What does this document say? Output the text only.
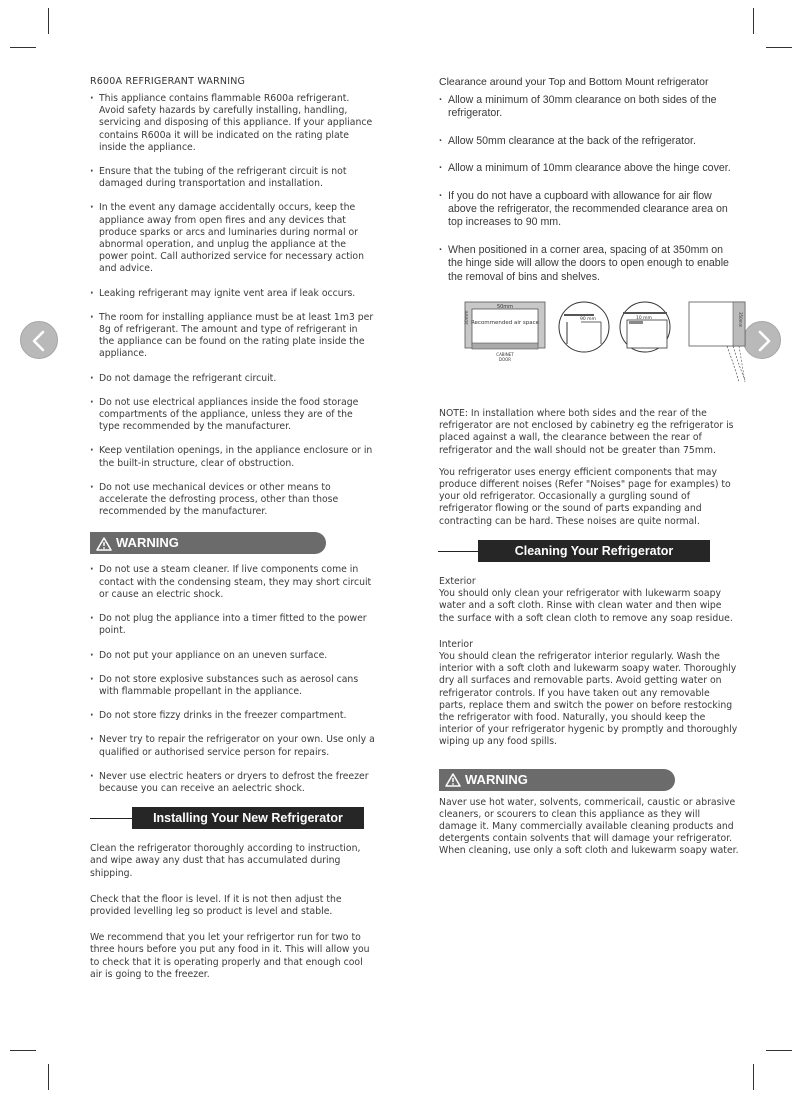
R600A REFRIGERANT WARNING
· This appliance contains flammable R600a refrigerant. Avoid safety hazards by carefully installing, handling, servicing and disposing of this appliance. If your appliance contains R600a it will be indicated on the rating plate inside the appliance.
· Ensure that the tubing of the refrigerant circuit is not damaged during transportation and installation.
· In the event any damage accidentally occurs, keep the appliance away from open fires and any devices that produce sparks or arcs and luminaries during normal or abnormal operation, and unplug the appliance at the power point. Call authorized service for necessary action and advice.
· Leaking refrigerant may ignite vent area if leak occurs.
· The room for installing appliance must be at least 1m3 per 8g of refrigerant. The amount and type of refrigerant in the appliance can be found on the rating plate inside the appliance.
· Do not damage the refrigerant circuit.
· Do not use electrical appliances inside the food storage compartments of the appliance, unless they are of the type recommended by the manufacturer.
· Keep ventilation openings, in the appliance enclosure or in the built-in structure, clear of obstruction.
· Do not use mechanical devices or other means to accelerate the defrosting process, other than those recommended by the manufacturer.
WARNING
· Do not use a steam cleaner. If live components come in contact with the condensing steam, they may short circuit or cause an electric shock.
· Do not plug the appliance into a timer fitted to the power point.
· Do not put your appliance on an uneven surface.
· Do not store explosive substances such as aerosol cans with flammable propellant in the appliance.
· Do not store fizzy drinks in the freezer compartment.
· Never try to repair the refrigerator on your own. Use only a qualified or authorised service person for repairs.
· Never use electric heaters or dryers to defrost the freezer because you can receive an aelectric shock.
Installing Your New Refrigerator

Clean the refrigerator thoroughly according to instruction, and wipe away any dust that has accumulated during shipping.

Check that the floor is level. If it is not then adjust the provided levelling leg so product is level and stable.

We recommend that you let your refrigertor run for two to three hours before you put any food in it. This will allow you to check that it is operating properly and that enough cool air is going to the freezer.

Clearance around your Top and Bottom Mount refrigerator
· Allow a minimum of 30mm clearance on both sides of the refrigerator.
· Allow 50mm clearance at the back of the refrigerator.
· Allow a minimum of 10mm clearance above the hinge cover.
· If you do not have a cupboard with allowance for air flow above the refrigerator, the recommended clearance area on top increases to 90 mm.
· When positioned in a corner area, spacing of at 350mm on the hinge side will allow the doors to open enough to enable the removal of bins and shelves.
50mm
30mm Recommended air space
CABINET
DOOR
90 mm	10 mm	350mm

NOTE: In installation where both sides and the rear of the refrigerator are not enclosed by cabinetry eg the refrigerator is placed against a wall, the clearance between the rear of refrigerator and the wall should not be greater than 75mm.

You refrigerator uses energy efficient components that may produce different noises (Refer "Noises" page for examples) to your old refrigerator. Occasionally a gurgling sound of refrigerator flowing or the sound of parts expanding and contracting can be hard. These noises are quite normal.

Cleaning Your Refrigerator
Exterior

You should only clean your refrigerator with lukewarm soapy water and a soft cloth. Rinse with clean water and then wipe the surface with a soft clean cloth to remove any soap residue.

Interior

You should clean the refrigerator interior regularly. Wash the interior with a soft cloth and lukewarm soapy water. Thoroughly dry all surfaces and removable parts. Avoid getting water on refrigerator controls. If you have taken out any removable parts, replace them and switch the power on before restocking the refrigerator with food. Naturally, you should keep the interior of your refrigerator hygenic by promptly and thoroughly wiping up any food spills.

WARNING

Naver use hot water, solvents, commericail, caustic or abrasive cleaners, or scourers to clean this appliance as they will damage it. Many commercially available cleaning products and detergents contain solvents that will damage your refrigerator. When cleaning, use only a soft cloth and lukewarm soapy water.
